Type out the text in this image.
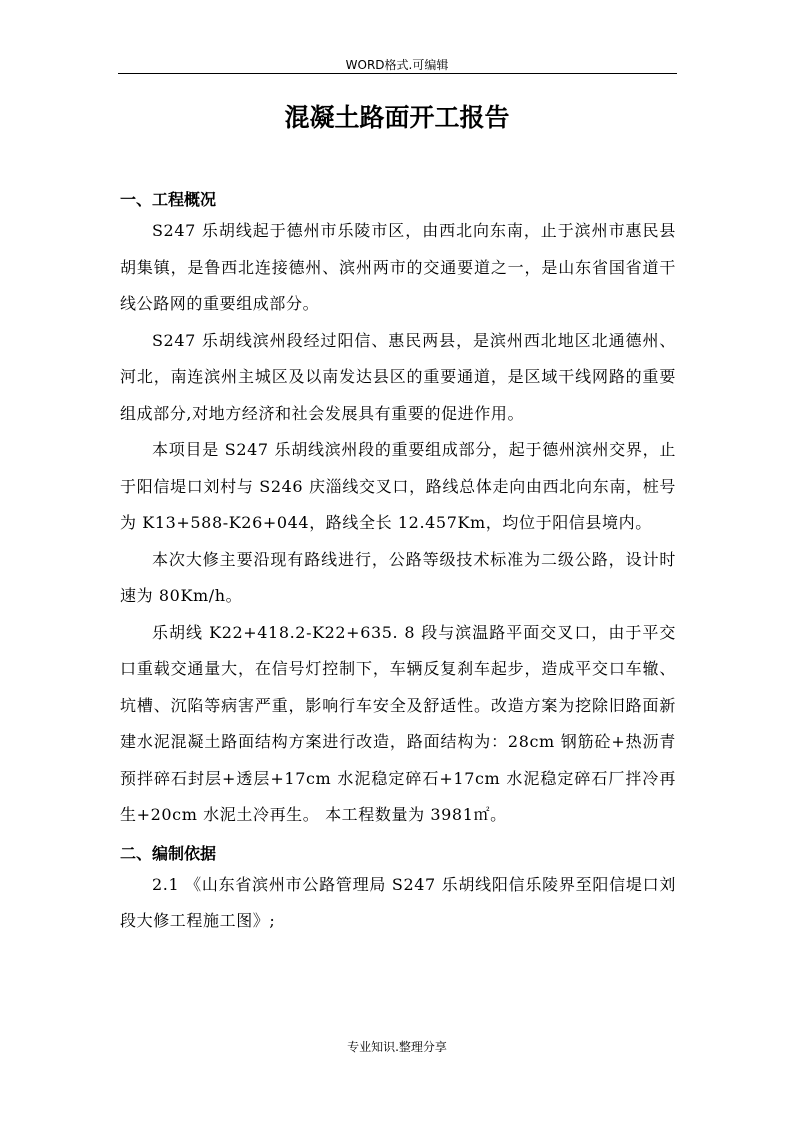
WORD格式.可编辑
混凝土路面开工报告
一、工程概况

S247 乐胡线起于德州市乐陵市区，由西北向东南，止于滨州市惠民县胡集镇，是鲁西北连接德州、滨州两市的交通要道之一，是山东省国省道干线公路网的重要组成部分。

S247 乐胡线滨州段经过阳信、惠民两县，是滨州西北地区北通德州、河北，南连滨州主城区及以南发达县区的重要通道，是区域干线网路的重要组成部分,对地方经济和社会发展具有重要的促进作用。

本项目是 S247 乐胡线滨州段的重要组成部分，起于德州滨州交界，止于阳信堤口刘村与 S246 庆淄线交叉口，路线总体走向由西北向东南，桩号为 K13+588-K26+044，路线全长 12.457Km，均位于阳信县境内。

本次大修主要沿现有路线进行，公路等级技术标准为二级公路，设计时速为 80Km/h。

乐胡线 K22+418.2-K22+635. 8 段与滨温路平面交叉口，由于平交口重载交通量大，在信号灯控制下，车辆反复刹车起步，造成平交口车辙、坑槽、沉陷等病害严重，影响行车安全及舒适性。改造方案为挖除旧路面新建水泥混凝土路面结构方案进行改造，路面结构为：28cm 钢筋砼+热沥青预拌碎石封层+透层+17cm 水泥稳定碎石+17cm 水泥稳定碎石厂拌冷再生+20cm 水泥土冷再生。 本工程数量为 3981㎡。

二、编制依据

2.1 《山东省滨州市公路管理局 S247 乐胡线阳信乐陵界至阳信堤口刘段大修工程施工图》;

专业知识.整理分享
